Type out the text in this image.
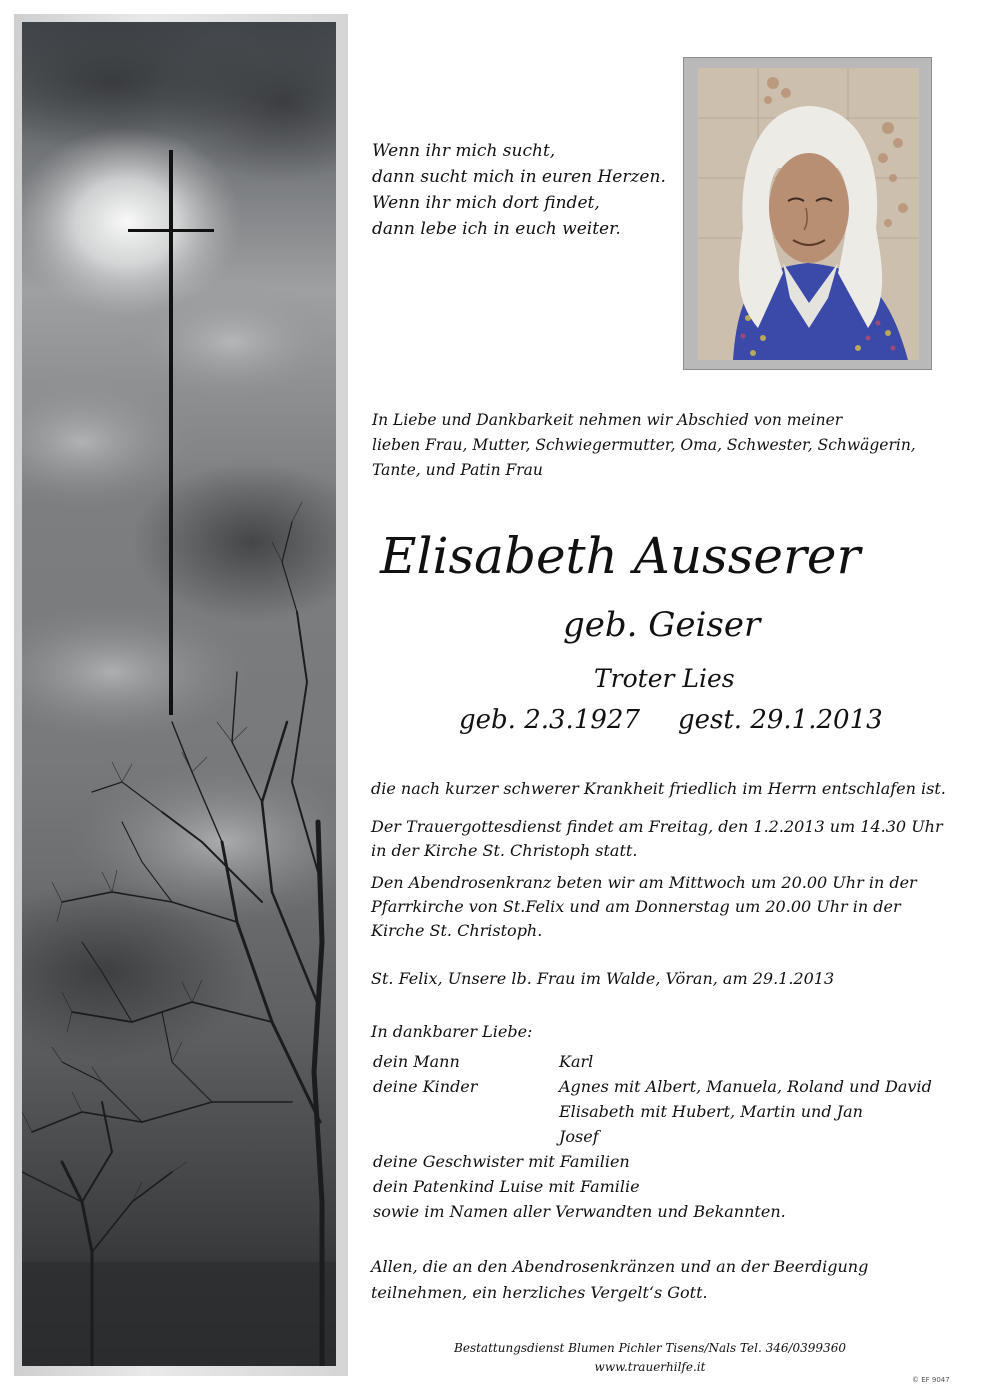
Wenn ihr mich sucht,
dann sucht mich in euren Herzen.
Wenn ihr mich dort findet,
dann lebe ich in euch weiter.
In Liebe und Dankbarkeit nehmen wir Abschied von meiner
lieben Frau, Mutter, Schwiegermutter, Oma, Schwester, Schwägerin,
Tante, und Patin Frau
Elisabeth Ausserer
geb. Geiser
Troter Lies
geb. 2.3.1927 gest. 29.1.2013
die nach kurzer schwerer Krankheit friedlich im Herrn entschlafen ist.
Der Trauergottesdienst findet am Freitag, den 1.2.2013 um 14.30 Uhr
in der Kirche St. Christoph statt.
Den Abendrosenkranz beten wir am Mittwoch um 20.00 Uhr in der
Pfarrkirche von St.Felix und am Donnerstag um 20.00 Uhr in der
Kirche St. Christoph.
St. Felix, Unsere lb. Frau im Walde, Vöran, am 29.1.2013
In dankbarer Liebe:
dein Mann	Karl
deine Kinder	Agnes mit Albert, Manuela, Roland und David
Elisabeth mit Hubert, Martin und Jan
Josef
deine Geschwister mit Familien
dein Patenkind Luise mit Familie
sowie im Namen aller Verwandten und Bekannten.
Allen, die an den Abendrosenkränzen und an der Beerdigung
teilnehmen, ein herzliches Vergelt‘s Gott.
Bestattungsdienst Blumen Pichler Tisens/Nals Tel. 346/0399360
www.trauerhilfe.it
© EF 9047
